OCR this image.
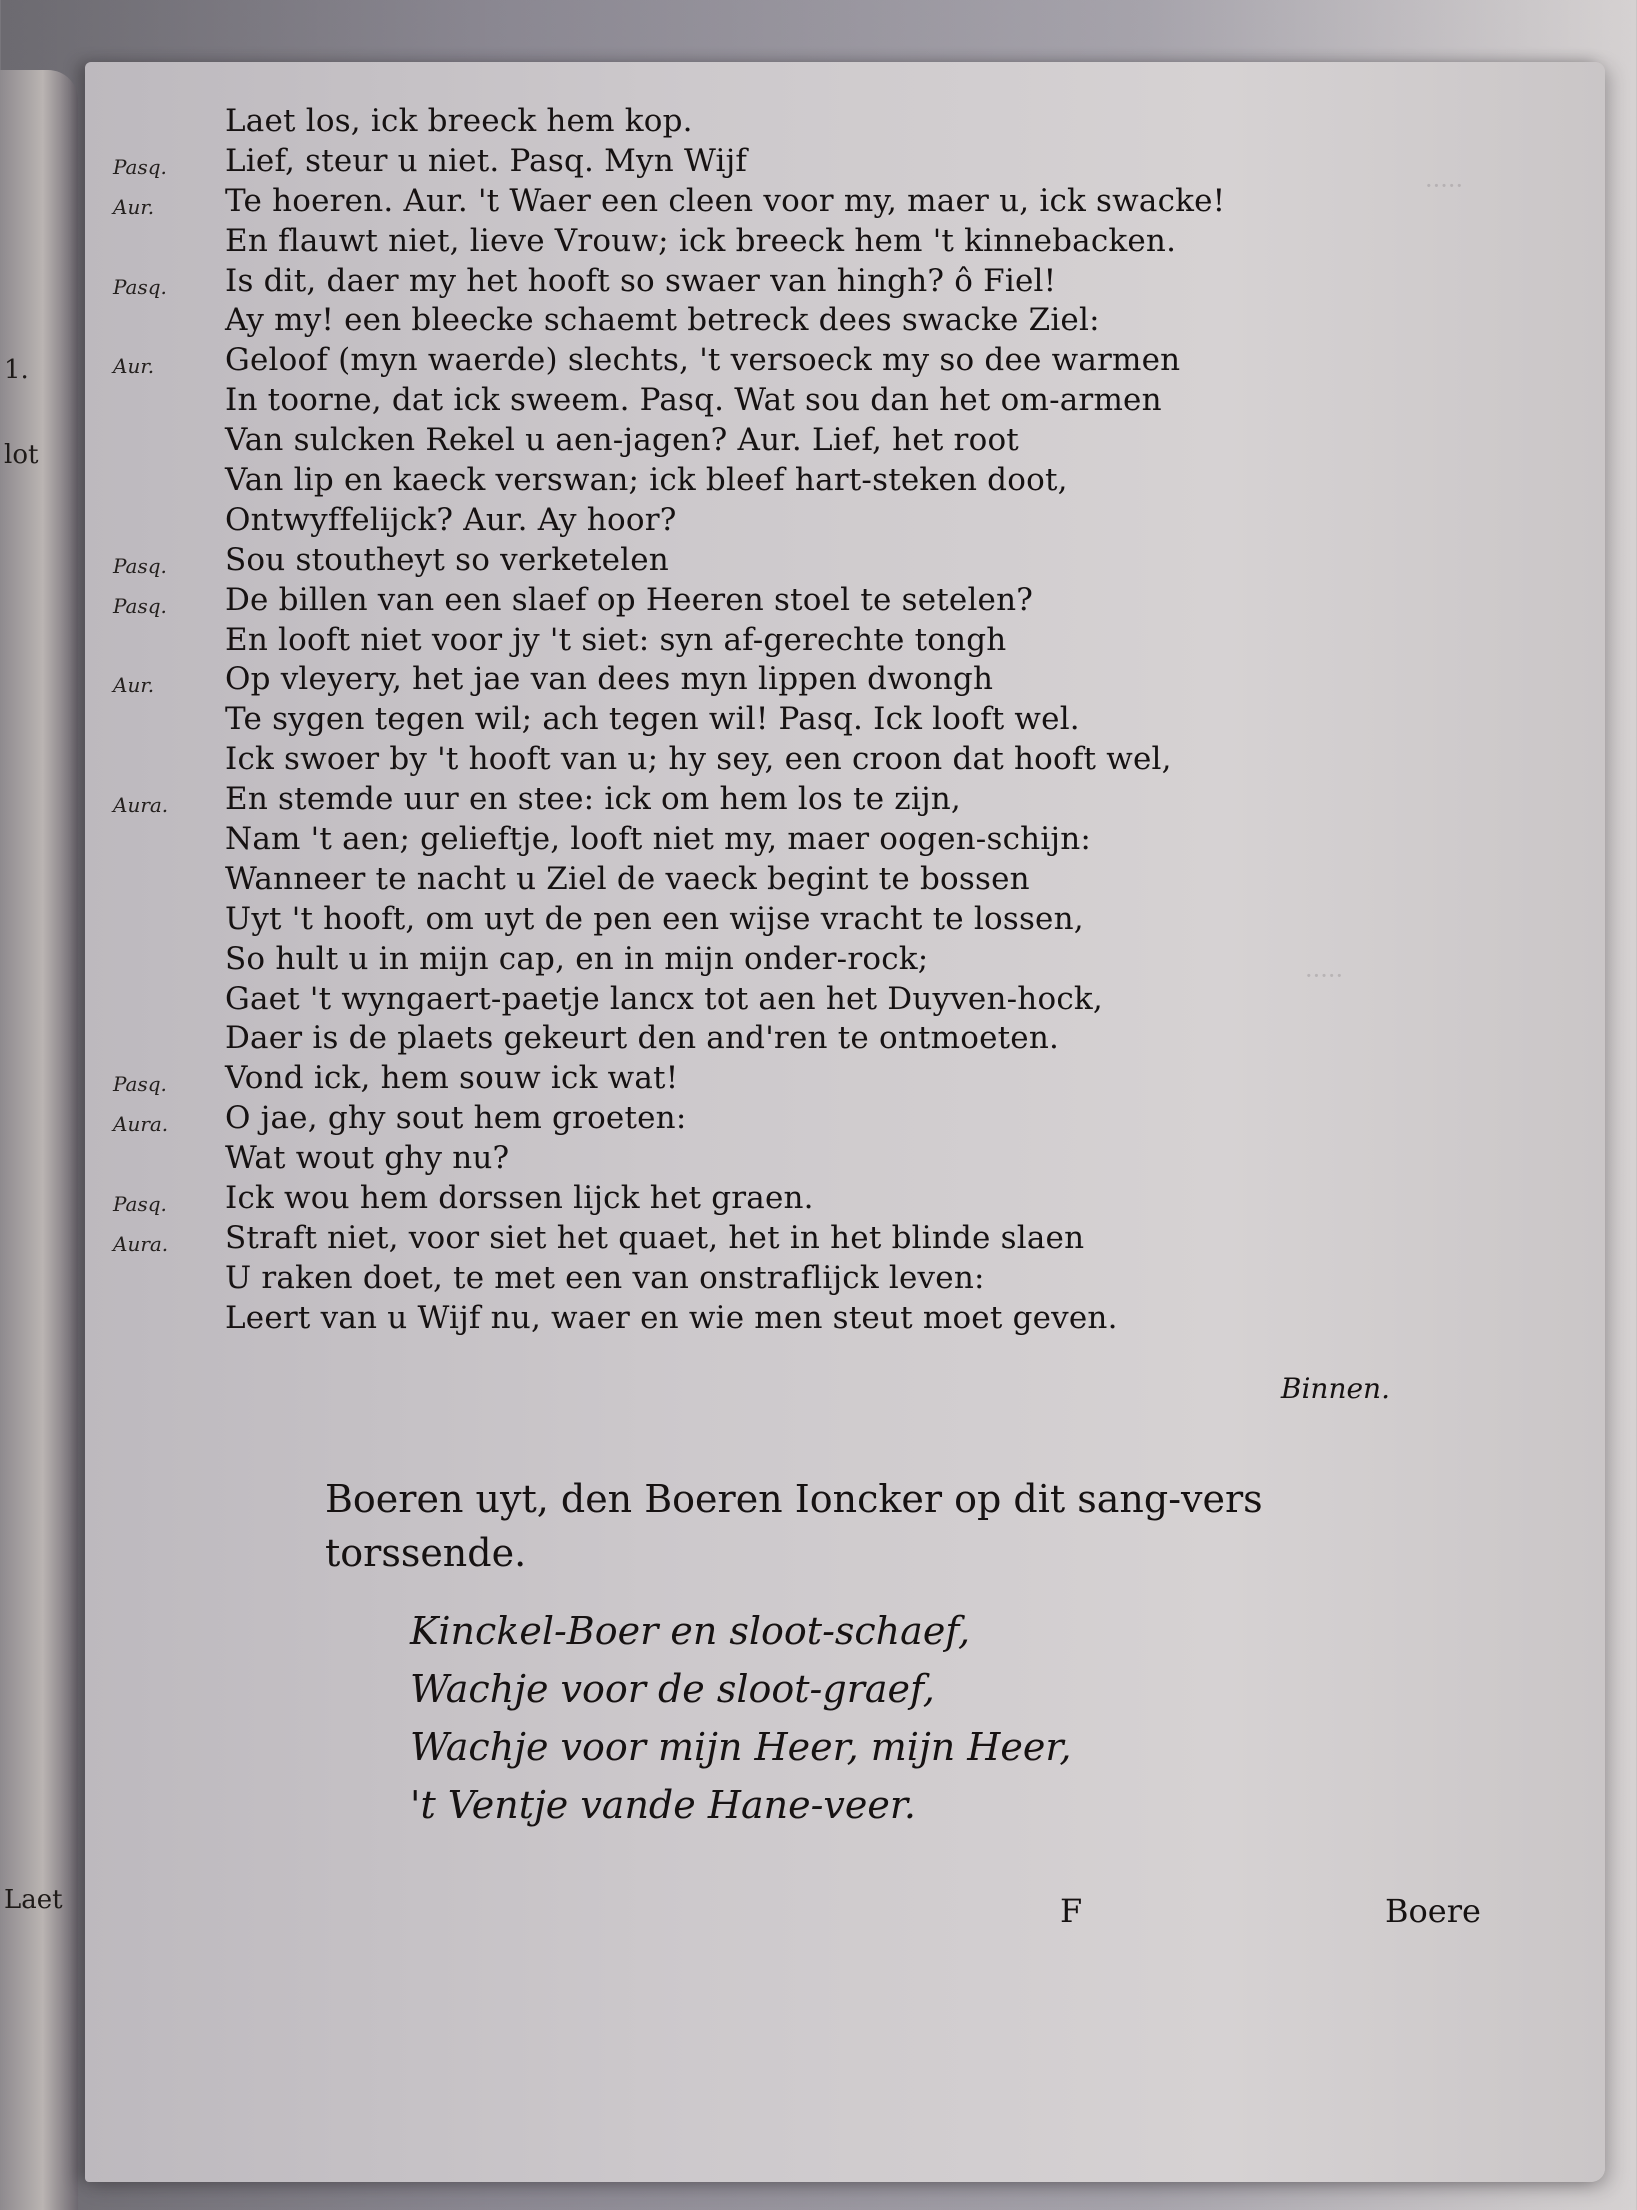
1.
lot
Laet
·····
·····
Laet los, ick breeck hem kop.
Pasq. Lief, steur u niet. Pasq. Myn Wijf
Aur. Te hoeren. Aur. 't Waer een cleen voor my, maer u, ick swacke!
En flauwt niet, lieve Vrouw; ick breeck hem 't kinnebacken.
Pasq. Is dit, daer my het hooft so swaer van hingh? ô Fiel!
Ay my! een bleecke schaemt betreck dees swacke Ziel:
Aur. Geloof (myn waerde) slechts, 't versoeck my so dee warmen
In toorne, dat ick sweem. Pasq. Wat sou dan het om-armen
Van sulcken Rekel u aen-jagen? Aur. Lief, het root
Van lip en kaeck verswan; ick bleef hart-steken doot,
Ontwyffelijck? Aur. Ay hoor?
Pasq. Sou stoutheyt so verketelen
Pasq. De billen van een slaef op Heeren stoel te setelen?
En looft niet voor jy 't siet: syn af-gerechte tongh
Aur. Op vleyery, het jae van dees myn lippen dwongh
Te sygen tegen wil; ach tegen wil! Pasq. Ick looft wel.
Ick swoer by 't hooft van u; hy sey, een croon dat hooft wel,
Aura. En stemde uur en stee: ick om hem los te zijn,
Nam 't aen; gelieftje, looft niet my, maer oogen-schijn:
Wanneer te nacht u Ziel de vaeck begint te bossen
Uyt 't hooft, om uyt de pen een wijse vracht te lossen,
So hult u in mijn cap, en in mijn onder-rock;
Gaet 't wyngaert-paetje lancx tot aen het Duyven-hock,
Daer is de plaets gekeurt den and'ren te ontmoeten.
Pasq. Vond ick, hem souw ick wat!
Aura. O jae, ghy sout hem groeten:
Wat wout ghy nu?
Pasq. Ick wou hem dorssen lijck het graen.
Aura. Straft niet, voor siet het quaet, het in het blinde slaen
U raken doet, te met een van onstraflijck leven:
Leert van u Wijf nu, waer en wie men steut moet geven.
Binnen.
Boeren uyt, den Boeren Ioncker op dit sang-vers torssende.
Kinckel-Boer en sloot-schaef,
Wachje voor de sloot-graef,
Wachje voor mijn Heer, mijn Heer,
't Ventje vande Hane-veer.
F	Boere
